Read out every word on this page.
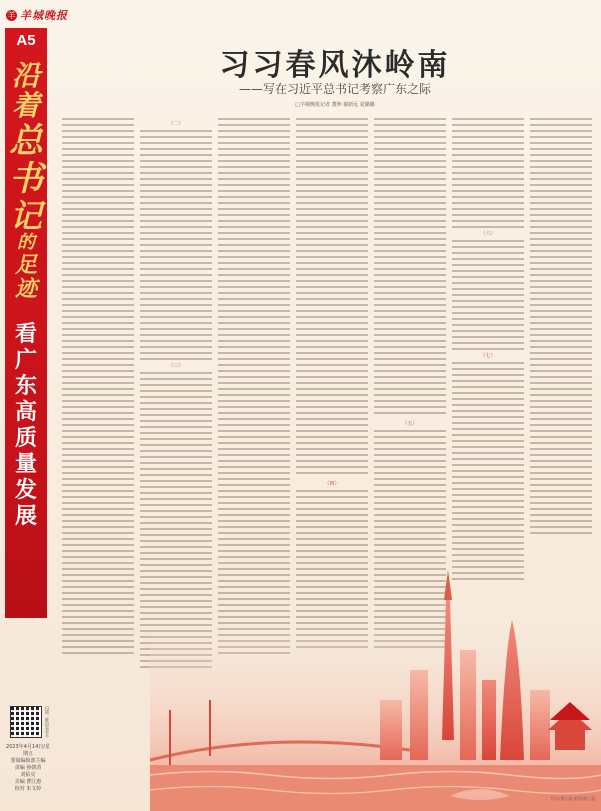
羊 羊城晚报
A5
沿
着
总
书
记
的
足
迹
看
广
东
高
质
量
发
展
扫描二维码看更多
2023年4月14日/星期五
要闻编辑部主编
责编 孙朝清
刘佑亮
美编 曹江惠
校对 朱文婷
习习春风沐岭南
——写在习近平总书记考察广东之际
□羊城晚报记者 董坤 谢新远 夏璐璐
（二）
（三）
（四）
（五）
（六）
（七）
设计/曹江惠 题图/曹江惠
